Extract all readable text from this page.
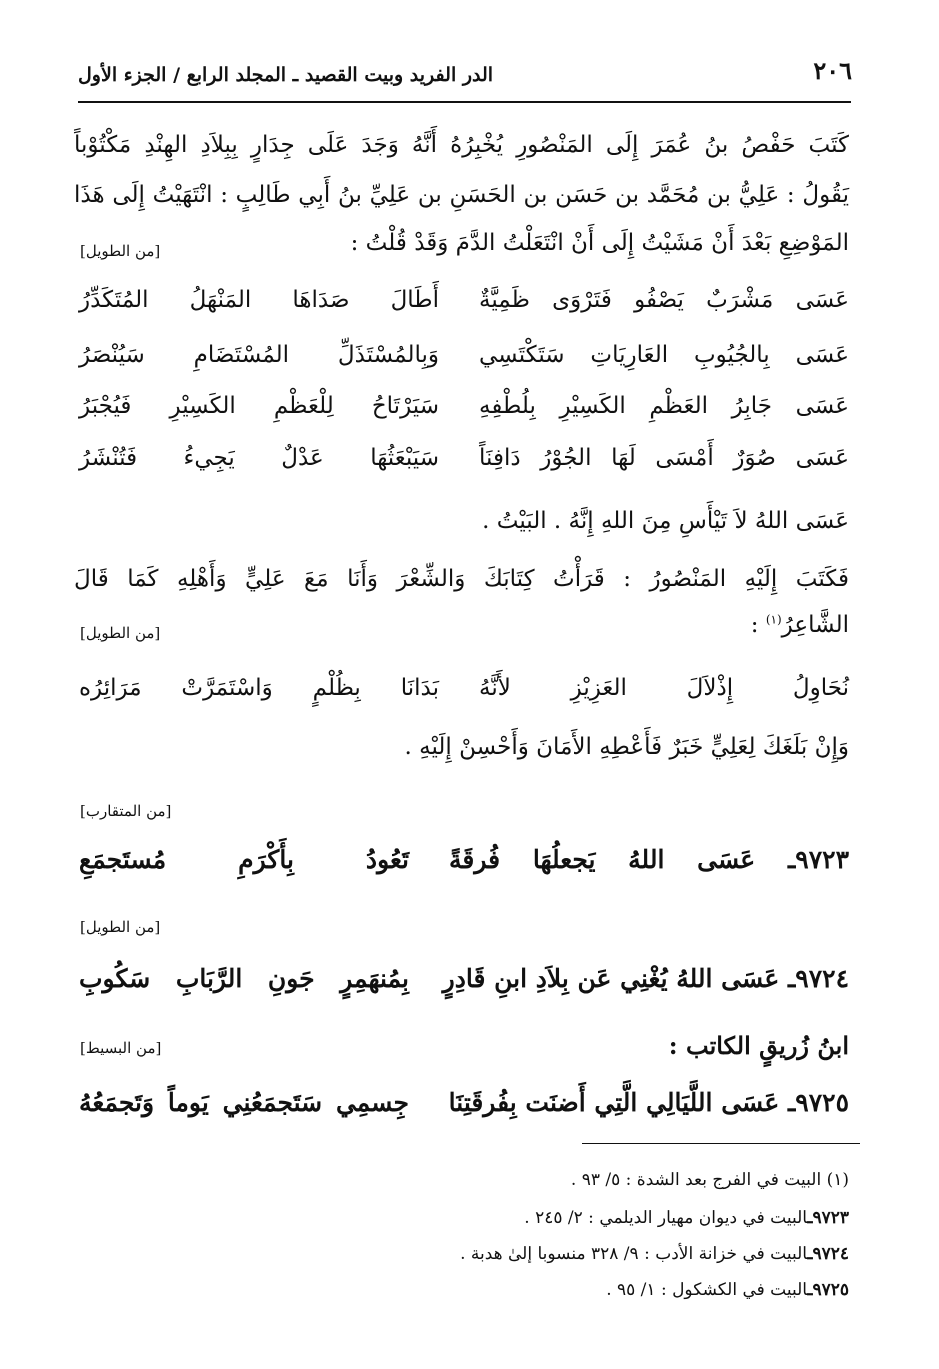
٢٠٦
الدر الفريد وبيت القصيد ـ المجلد الرابع / الجزء الأول
كَتَبَ حَفْصُ بنُ عُمَرَ إِلَى المَنْصُورِ يُخْبِرُهُ أَنَّهُ وَجَدَ عَلَى جِدَارٍ بِبِلاَدِ الهِنْدِ مَكْتُوْباً
يَقُولُ : عَلِيُّ بن مُحَمَّد بن حَسَن بن الحَسَنِ بن عَلِيِّ بنُ أَبِي طَالِبٍ : انْتَهَيْتُ إِلَى هَذَا
المَوْضِعِ بَعْدَ أَنْ مَشَيْتُ إِلَى أَنْ انْتَعَلْتُ الدَّمَ وَقَدْ قُلْتُ :
[من الطويل]
عَسَى مَشْرَبٌ يَصْفُو فَتَرْوَى ظَمِيَّةٌ
أَطَالَ صَدَاهَا المَنْهَلُ المُتَكَدِّرُ
عَسَى بِالجُيُوبِ العَارِيَاتِ سَتَكْتَسِي
وَبِالمُسْتَذَلِّ المُسْتَضَامِ سَيُنْصَرُ
عَسَى جَابِرُ العَظْمِ الكَسِيْرِ بِلُطْفِهِ
سَيَرْتَاحُ لِلْعَظْمِ الكَسِيْرِ فَيُجْبَرُ
عَسَى صُوَرٌ أَمْسَى لَهَا الجُوْرُ دَافِنَاً
سَيَبْعَثُهَا عَدْلٌ يَجِيءُ فَتُنْشَرُ
عَسَى اللهُ لاَ تَيْأَسِ مِنَ اللهِ إِنَّهُ . البَيْتُ .
فَكَتَبَ إِلَيْهِ المَنْصُورُ : قَرَأْتُ كِتَابَكَ وَالشِّعْرَ وَأَنَا مَعَ عَلِيٍّ وَأَهْلِهِ كَمَا قَالَ
الشَّاعِرُ$^{(١)}$ :
[من الطويل]
نُحَاوِلُ إِذْلاَلَ العَزِيْزِ لأَنَّهُ
بَدَانَا بِظُلْمٍ وَاسْتَمَرَّتْ مَرَائِرُه
وَإِنْ بَلَغَكَ لِعَلِيٍّ خَبَرٌ فَأَعْطِهِ الأَمَانَ وَأَحْسِنْ إِلَيْهِ .
[من المتقارب]
٩٧٢٣ـ عَسَى اللهُ يَجعلُهَا فُرقَةً
تَعُودُ بِأَكْرَمِ مُستَجمَعِ
[من الطويل]
٩٧٢٤ـ عَسَى اللهُ يُغْنِي عَن بِلاَدِ ابنِ قَادِرٍ
بِمُنهَمِرٍ جَونِ الرَّبَابِ سَكُوبِ
ابنُ زُريقٍ الكاتب :
[من البسيط]
٩٧٢٥ـ عَسَى اللَّيَالِي الَّتِي أَضنَت بِفُرقَتِنَا
جِسمِي سَتَجمَعُنِي يَوماً وَتَجمَعُهُ
(١) البيت في الفرج بعد الشدة : ٥/ ٩٣ .
٩٧٢٣ـالبيت في ديوان مهيار الديلمي : ٢/ ٢٤٥ .
٩٧٢٤ـالبيت في خزانة الأدب : ٩/ ٣٢٨ منسوبا إلىٰ هدبة .
٩٧٢٥ـالبيت في الكشكول : ١/ ٩٥ .
